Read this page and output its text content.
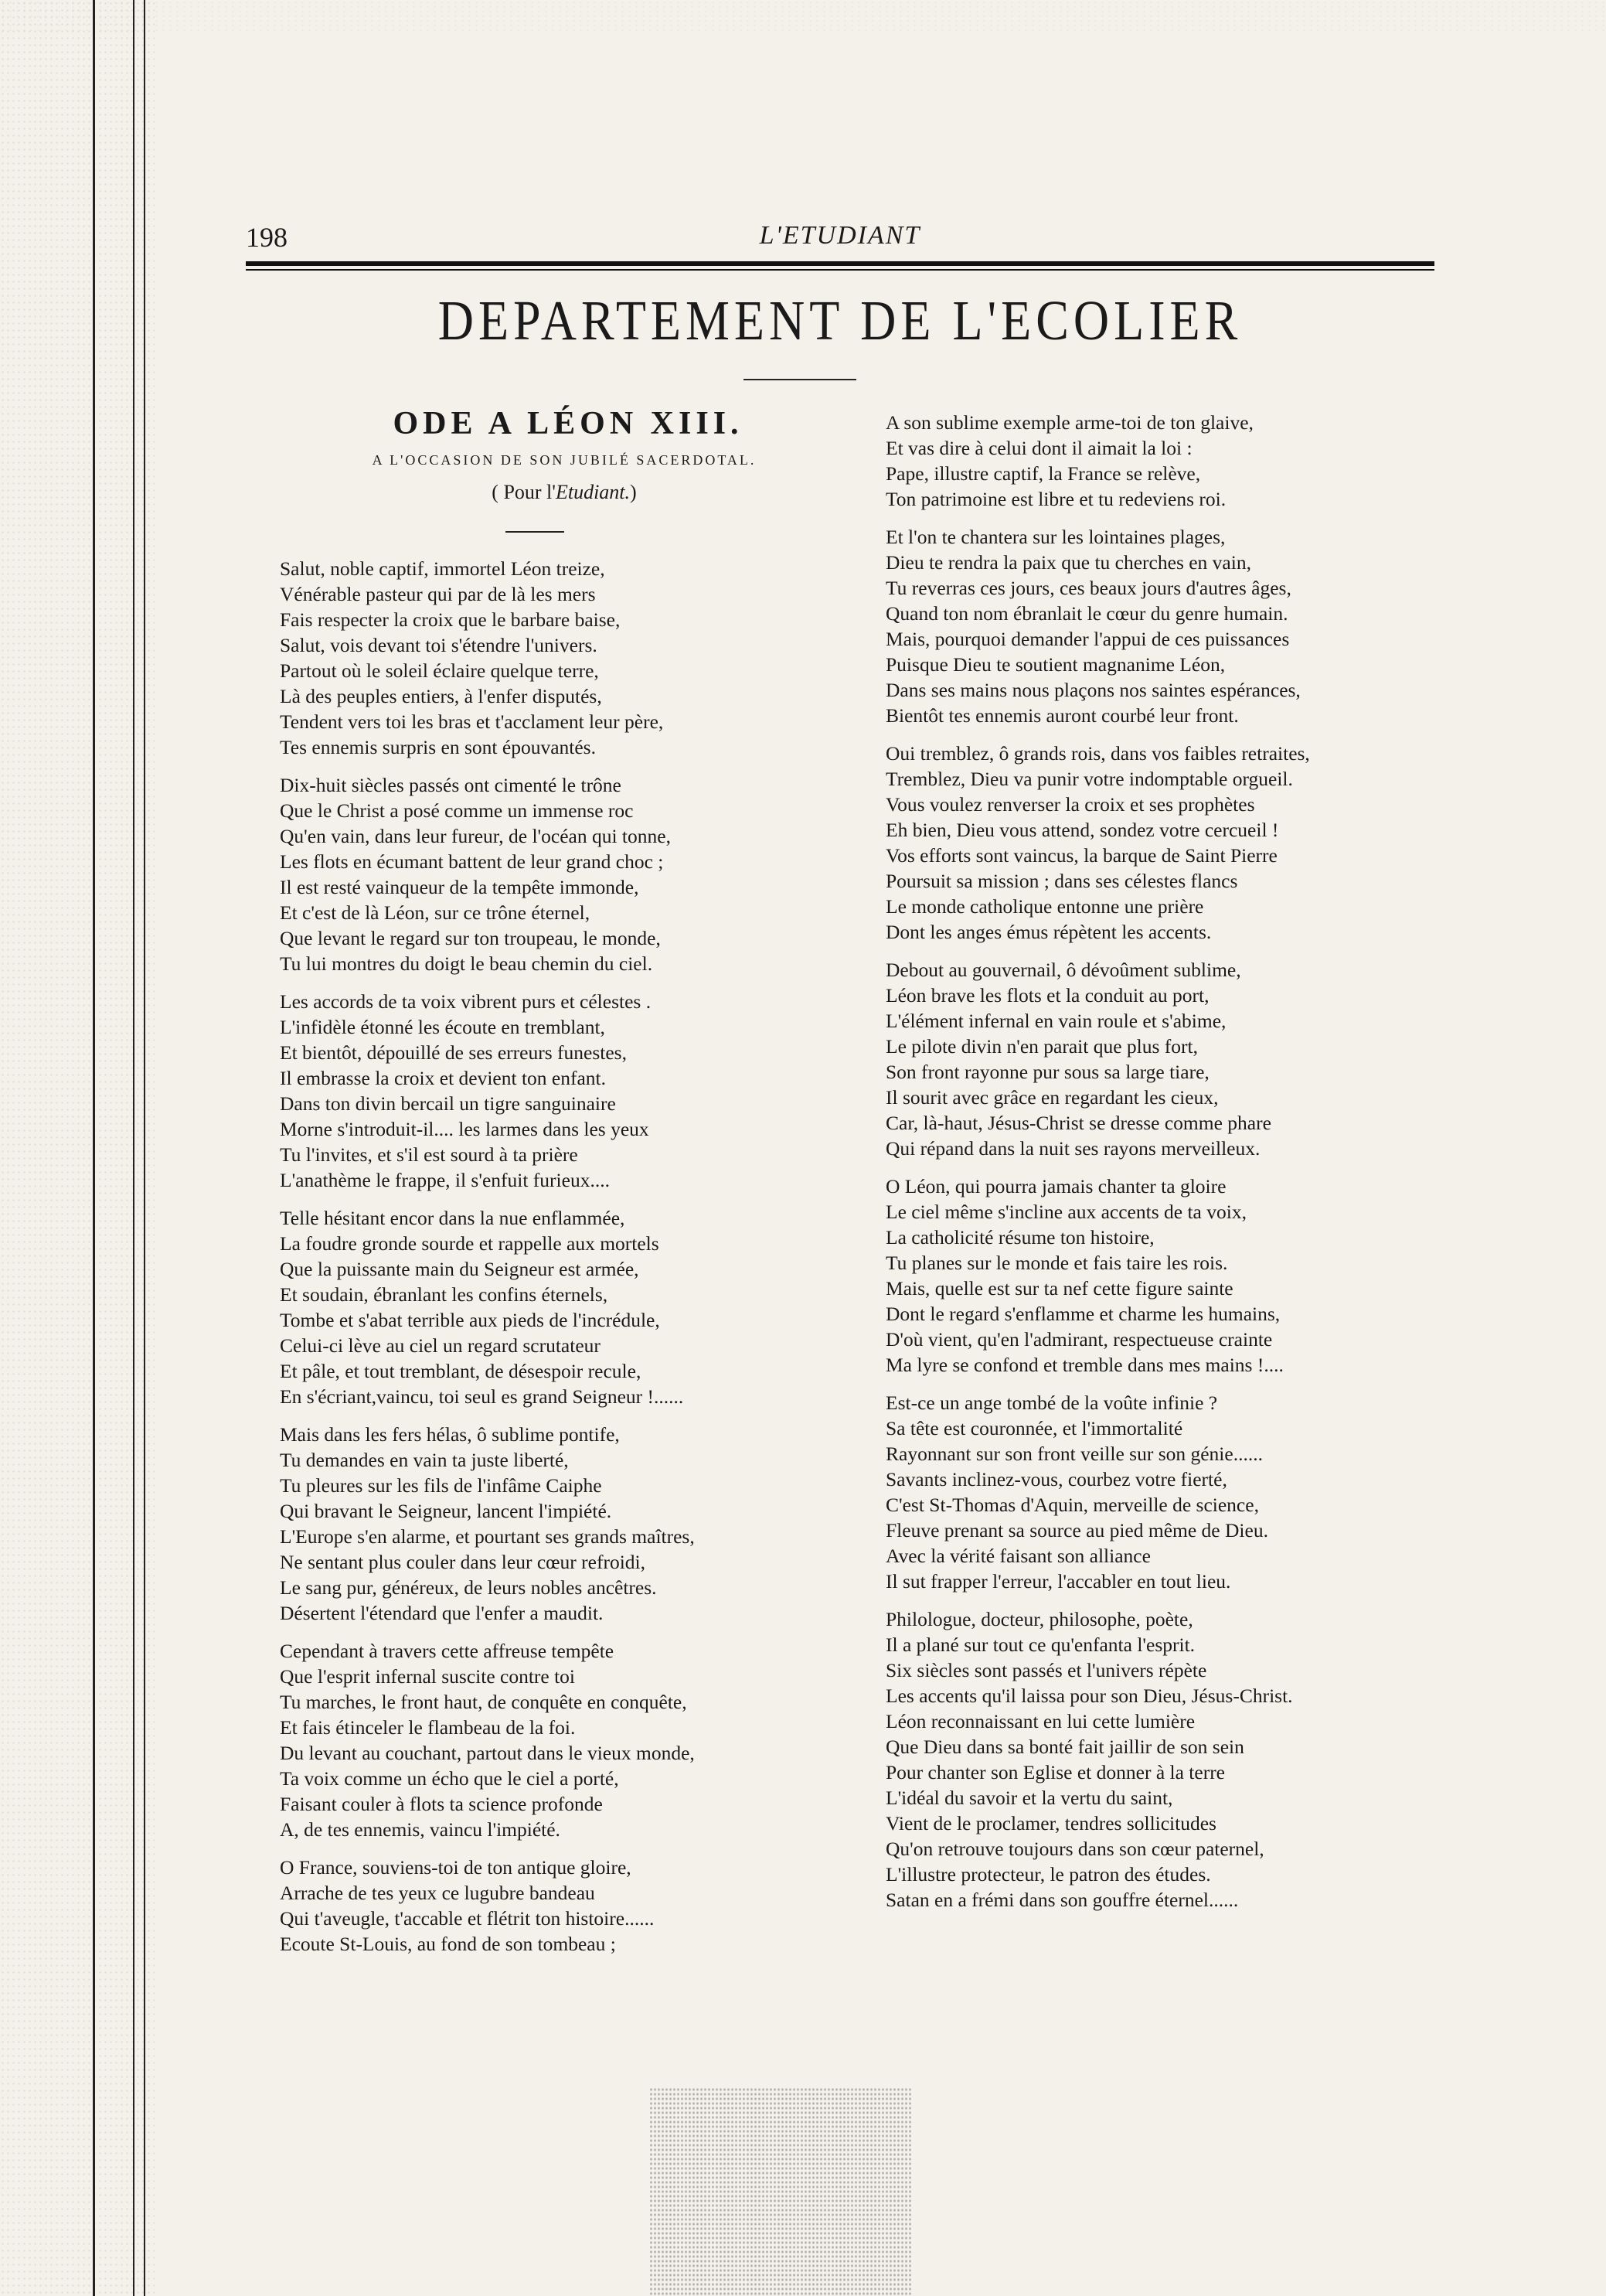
198	L'ETUDIANT
DEPARTEMENT DE L'ECOLIER
ODE A LÉON XIII.
A L'OCCASION DE SON JUBILÉ SACERDOTAL.
( Pour l'Etudiant.)
Salut, noble captif, immortel Léon treize,
Vénérable pasteur qui par de là les mers
Fais respecter la croix que le barbare baise,
Salut, vois devant toi s'étendre l'univers.
Partout où le soleil éclaire quelque terre,
Là des peuples entiers, à l'enfer disputés,
Tendent vers toi les bras et t'acclament leur père,
Tes ennemis surpris en sont épouvantés.
Dix-huit siècles passés ont cimenté le trône
Que le Christ a posé comme un immense roc
Qu'en vain, dans leur fureur, de l'océan qui tonne,
Les flots en écumant battent de leur grand choc ;
Il est resté vainqueur de la tempête immonde,
Et c'est de là Léon, sur ce trône éternel,
Que levant le regard sur ton troupeau, le monde,
Tu lui montres du doigt le beau chemin du ciel.
Les accords de ta voix vibrent purs et célestes .
L'infidèle étonné les écoute en tremblant,
Et bientôt, dépouillé de ses erreurs funestes,
Il embrasse la croix et devient ton enfant.
Dans ton divin bercail un tigre sanguinaire
Morne s'introduit-il.... les larmes dans les yeux
Tu l'invites, et s'il est sourd à ta prière
L'anathème le frappe, il s'enfuit furieux....
Telle hésitant encor dans la nue enflammée,
La foudre gronde sourde et rappelle aux mortels
Que la puissante main du Seigneur est armée,
Et soudain, ébranlant les confins éternels,
Tombe et s'abat terrible aux pieds de l'incrédule,
Celui-ci lève au ciel un regard scrutateur
Et pâle, et tout tremblant, de désespoir recule,
En s'écriant,vaincu, toi seul es grand Seigneur !......
Mais dans les fers hélas, ô sublime pontife,
Tu demandes en vain ta juste liberté,
Tu pleures sur les fils de l'infâme Caiphe
Qui bravant le Seigneur, lancent l'impiété.
L'Europe s'en alarme, et pourtant ses grands maîtres,
Ne sentant plus couler dans leur cœur refroidi,
Le sang pur, généreux, de leurs nobles ancêtres.
Désertent l'étendard que l'enfer a maudit.
Cependant à travers cette affreuse tempête
Que l'esprit infernal suscite contre toi
Tu marches, le front haut, de conquête en conquête,
Et fais étinceler le flambeau de la foi.
Du levant au couchant, partout dans le vieux monde,
Ta voix comme un écho que le ciel a porté,
Faisant couler à flots ta science profonde
A, de tes ennemis, vaincu l'impiété.
O France, souviens-toi de ton antique gloire,
Arrache de tes yeux ce lugubre bandeau
Qui t'aveugle, t'accable et flétrit ton histoire......
Ecoute St-Louis, au fond de son tombeau ;
A son sublime exemple arme-toi de ton glaive,
Et vas dire à celui dont il aimait la loi :
Pape, illustre captif, la France se relève,
Ton patrimoine est libre et tu redeviens roi.
Et l'on te chantera sur les lointaines plages,
Dieu te rendra la paix que tu cherches en vain,
Tu reverras ces jours, ces beaux jours d'autres âges,
Quand ton nom ébranlait le cœur du genre humain.
Mais, pourquoi demander l'appui de ces puissances
Puisque Dieu te soutient magnanime Léon,
Dans ses mains nous plaçons nos saintes espérances,
Bientôt tes ennemis auront courbé leur front.
Oui tremblez, ô grands rois, dans vos faibles retraites,
Tremblez, Dieu va punir votre indomptable orgueil.
Vous voulez renverser la croix et ses prophètes
Eh bien, Dieu vous attend, sondez votre cercueil !
Vos efforts sont vaincus, la barque de Saint Pierre
Poursuit sa mission ; dans ses célestes flancs
Le monde catholique entonne une prière
Dont les anges émus répètent les accents.
Debout au gouvernail, ô dévoûment sublime,
Léon brave les flots et la conduit au port,
L'élément infernal en vain roule et s'abime,
Le pilote divin n'en parait que plus fort,
Son front rayonne pur sous sa large tiare,
Il sourit avec grâce en regardant les cieux,
Car, là-haut, Jésus-Christ se dresse comme phare
Qui répand dans la nuit ses rayons merveilleux.
O Léon, qui pourra jamais chanter ta gloire
Le ciel même s'incline aux accents de ta voix,
La catholicité résume ton histoire,
Tu planes sur le monde et fais taire les rois.
Mais, quelle est sur ta nef cette figure sainte
Dont le regard s'enflamme et charme les humains,
D'où vient, qu'en l'admirant, respectueuse crainte
Ma lyre se confond et tremble dans mes mains !....
Est-ce un ange tombé de la voûte infinie ?
Sa tête est couronnée, et l'immortalité
Rayonnant sur son front veille sur son génie......
Savants inclinez-vous, courbez votre fierté,
C'est St-Thomas d'Aquin, merveille de science,
Fleuve prenant sa source au pied même de Dieu.
Avec la vérité faisant son alliance
Il sut frapper l'erreur, l'accabler en tout lieu.
Philologue, docteur, philosophe, poète,
Il a plané sur tout ce qu'enfanta l'esprit.
Six siècles sont passés et l'univers répète
Les accents qu'il laissa pour son Dieu, Jésus-Christ.
Léon reconnaissant en lui cette lumière
Que Dieu dans sa bonté fait jaillir de son sein
Pour chanter son Eglise et donner à la terre
L'idéal du savoir et la vertu du saint,
Vient de le proclamer, tendres sollicitudes
Qu'on retrouve toujours dans son cœur paternel,
L'illustre protecteur, le patron des études.
Satan en a frémi dans son gouffre éternel......
